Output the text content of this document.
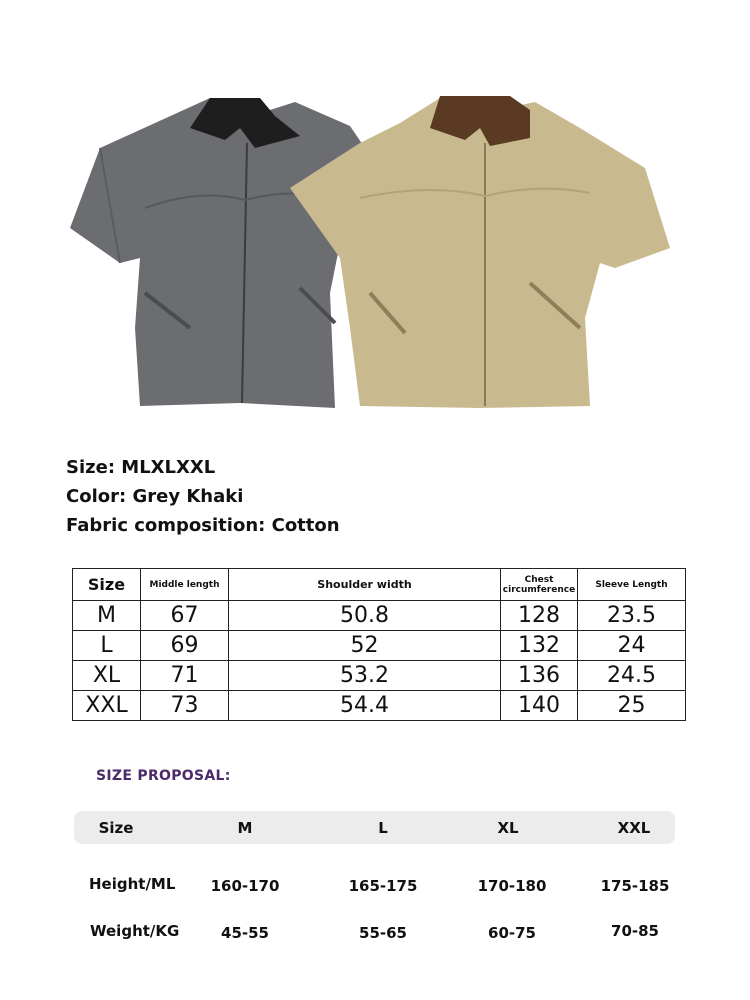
Size: MLXLXXL
Color: Grey Khaki
Fabric composition: Cotton
Size	Middle length	Shoulder width	Chest circumference	Sleeve Length
M	67	50.8	128	23.5
L	69	52	132	24
XL	71	53.2	136	24.5
XXL	73	54.4	140	25
SIZE PROPOSAL:
Size	M	L	XL	XXL
Height/ML 160-170	165-175	170-180	175-185
Weight/KG	45-55	55-65	60-75	70-85
